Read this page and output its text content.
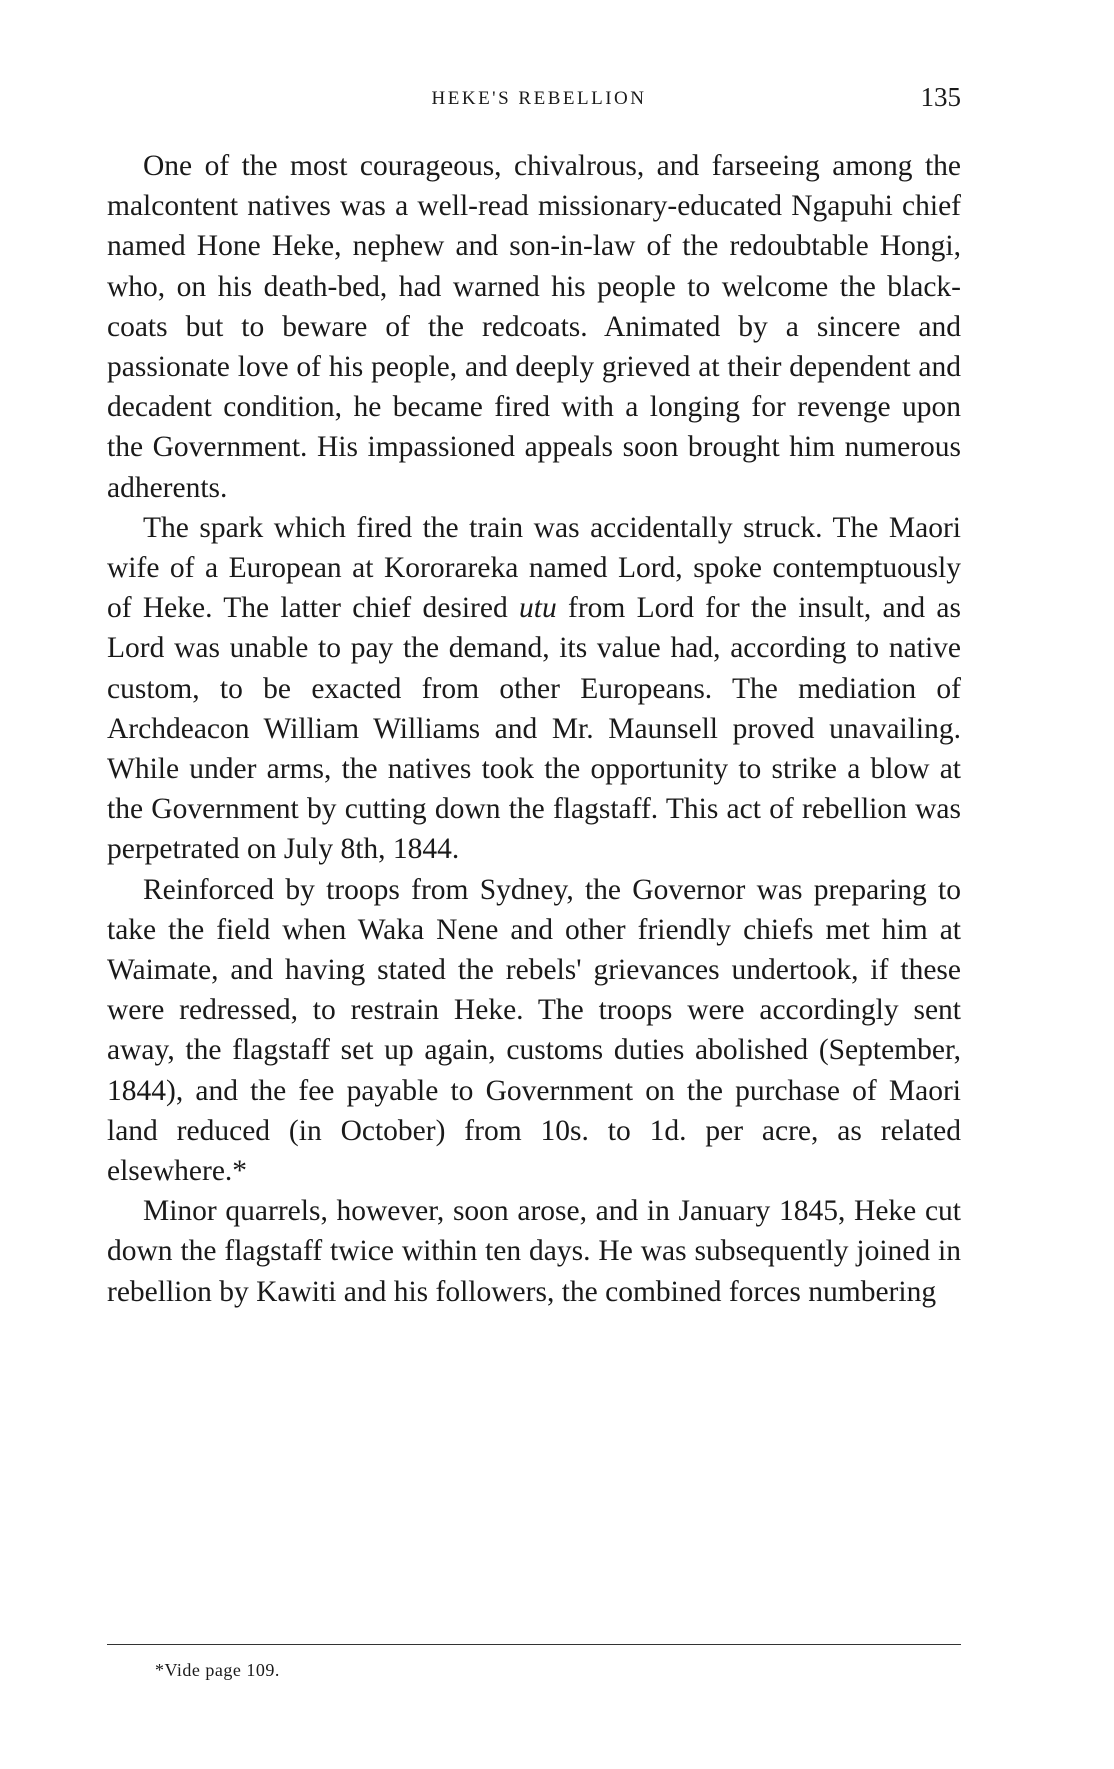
HEKE'S REBELLION	135

One of the most courageous, chivalrous, and farseeing among the malcontent natives was a well-read missionary-educated Ngapuhi chief named Hone Heke, nephew and son-in-law of the redoubtable Hongi, who, on his death-bed, had warned his people to welcome the black-coats but to beware of the redcoats. Animated by a sincere and passionate love of his people, and deeply grieved at their dependent and decadent condition, he became fired with a longing for revenge upon the Government. His impassioned appeals soon brought him numerous adherents.

The spark which fired the train was accidentally struck. The Maori wife of a European at Kororareka named Lord, spoke contemptuously of Heke. The latter chief desired utu from Lord for the insult, and as Lord was unable to pay the demand, its value had, according to native custom, to be exacted from other Europeans. The mediation of Archdeacon William Williams and Mr. Maunsell proved unavailing. While under arms, the natives took the opportunity to strike a blow at the Government by cutting down the flagstaff. This act of rebellion was perpetrated on July 8th, 1844.

Reinforced by troops from Sydney, the Governor was preparing to take the field when Waka Nene and other friendly chiefs met him at Waimate, and having stated the rebels' grievances undertook, if these were redressed, to restrain Heke. The troops were accordingly sent away, the flagstaff set up again, customs duties abolished (September, 1844), and the fee payable to Government on the purchase of Maori land reduced (in October) from 10s. to 1d. per acre, as related elsewhere.*

Minor quarrels, however, soon arose, and in January 1845, Heke cut down the flagstaff twice within ten days. He was subsequently joined in rebellion by Kawiti and his followers, the combined forces numbering

*Vide page 109.
